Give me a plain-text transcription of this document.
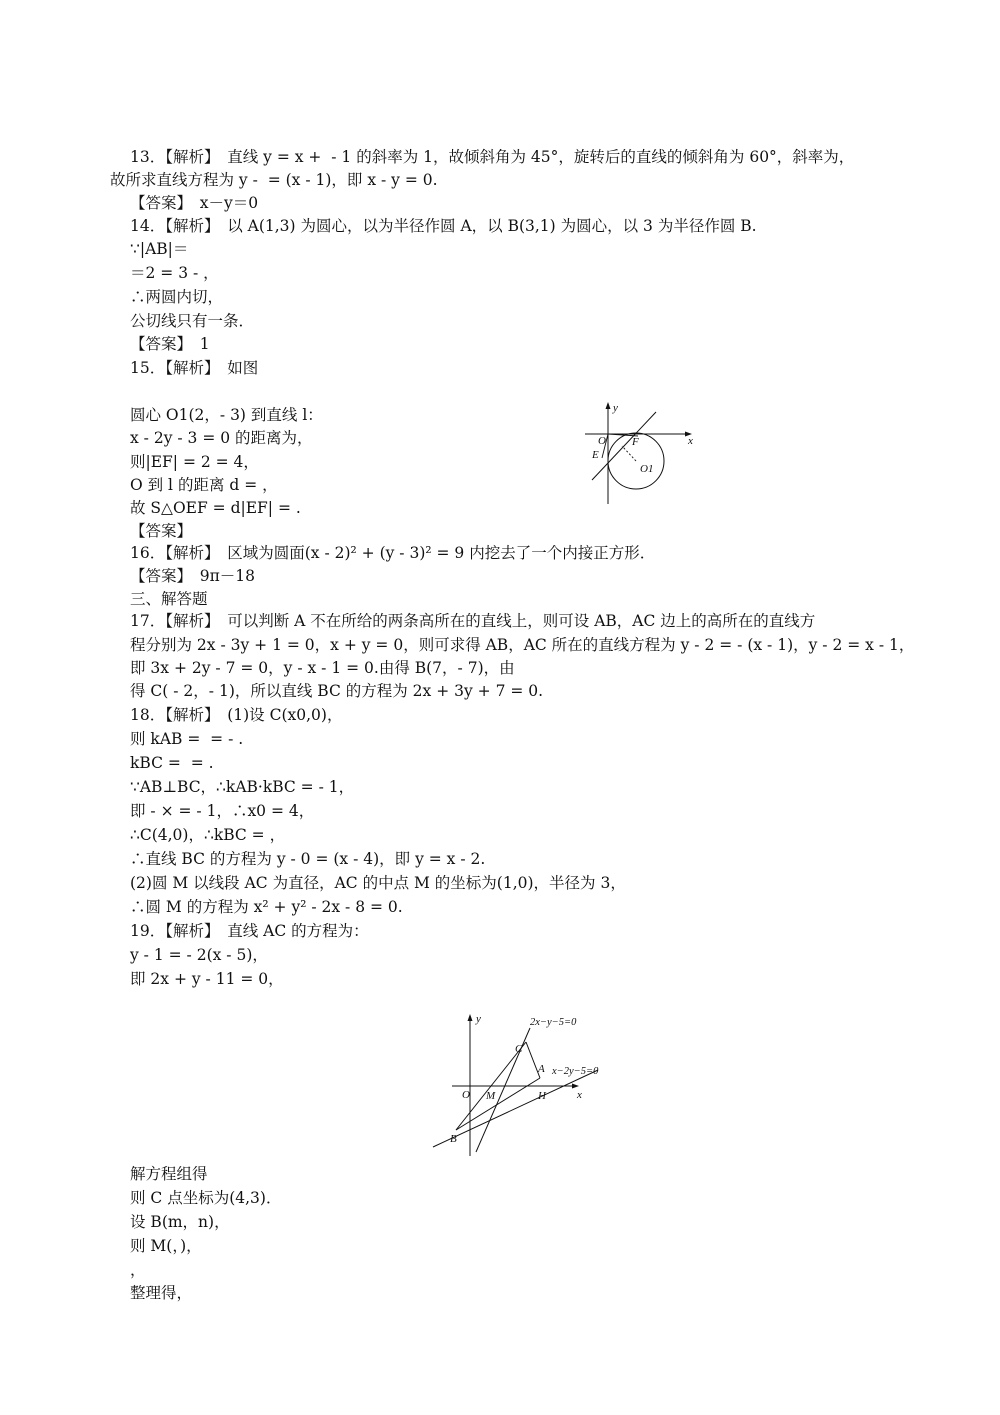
13．【解析】　直线 y = x +  - 1 的斜率为 1，故倾斜角为 45°，旋转后的直线的倾斜角为 60°，斜率为，
故所求直线方程为 y -  = (x - 1)，即 x - y = 0.
【答案】　x－y＝0
14．【解析】　以 A(1,3) 为圆心，以为半径作圆 A，以 B(3,1) 为圆心，以 3 为半径作圆 B.
∵|AB|＝
＝2 = 3 - ，
∴两圆内切，
公切线只有一条．
【答案】　1
15．【解析】　如图
圆心 O1(2，- 3) 到直线 l：
x - 2y - 3 = 0 的距离为，
则|EF| = 2 = 4，
O 到 l 的距离 d = ，
故 S△OEF = d|EF| = .
【答案】
16．【解析】　区域为圆面(x - 2)² + (y - 3)² = 9 内挖去了一个内接正方形．
【答案】　9π－18
三、解答题
17．【解析】　可以判断 A 不在所给的两条高所在的直线上，则可设 AB，AC 边上的高所在的直线方
程分别为 2x - 3y + 1 = 0，x + y = 0，则可求得 AB，AC 所在的直线方程为 y - 2 = - (x - 1)，y - 2 = x - 1，
即 3x + 2y - 7 = 0，y - x - 1 = 0.由得 B(7，- 7)，由
得 C( - 2，- 1)，所以直线 BC 的方程为 2x + 3y + 7 = 0.
18．【解析】　(1)设 C(x0,0)，
则 kAB =  = - .
kBC =  = .
∵AB⊥BC，∴kAB·kBC = - 1，
即 - × = - 1，∴x0 = 4，
∴C(4,0)，∴kBC = ，
∴直线 BC 的方程为 y - 0 = (x - 4)，即 y = x - 2.
(2)圆 M 以线段 AC 为直径，AC 的中点 M 的坐标为(1,0)，半径为 3，
∴圆 M 的方程为 x² + y² - 2x - 8 = 0.
19．【解析】　直线 AC 的方程为：
y - 1 = - 2(x - 5)，
即 2x + y - 11 = 0，
解方程组得
则 C 点坐标为(4,3)．
设 B(m，n)，
则 M(，)，
，
整理得，
y
x
O F
E
O1
y
x
O M	H
A
B
C
2x−y−5=0
x−2y−5=0
